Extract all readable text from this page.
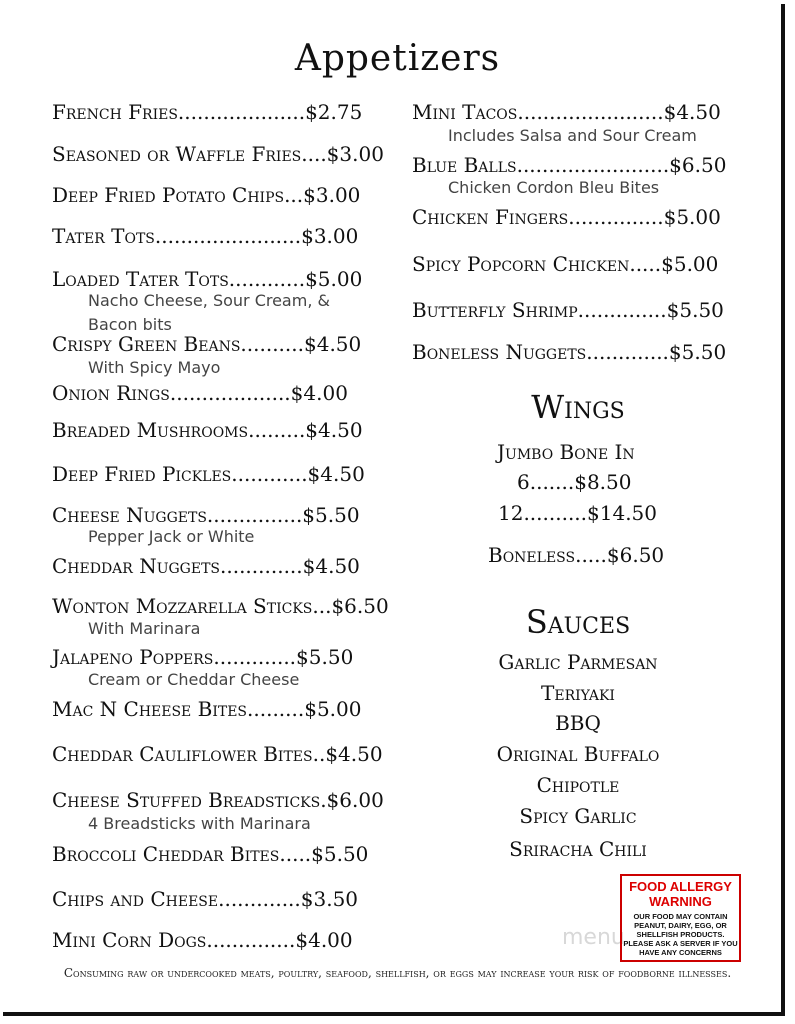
Appetizers
French Fries....................$2.75
Seasoned or Waffle Fries....$3.00
Deep Fried Potato Chips...$3.00
Tater Tots.......................$3.00
Loaded Tater Tots............$5.00
Nacho Cheese, Sour Cream, &
Bacon bits
Crispy Green Beans..........$4.50
With Spicy Mayo
Onion Rings...................$4.00
Breaded Mushrooms.........$4.50
Deep Fried Pickles............$4.50
Cheese Nuggets...............$5.50
Pepper Jack or White
Cheddar Nuggets.............$4.50
Wonton Mozzarella Sticks...$6.50
With Marinara
Jalapeno Poppers.............$5.50
Cream or Cheddar Cheese
Mac N Cheese Bites.........$5.00
Cheddar Cauliflower Bites..$4.50
Cheese Stuffed Breadsticks.$6.00
4 Breadsticks with Marinara
Broccoli Cheddar Bites.....$5.50
Chips and Cheese.............$3.50
Mini Corn Dogs..............$4.00
Mini Tacos.......................$4.50
Includes Salsa and Sour Cream
Blue Balls........................$6.50
Chicken Cordon Bleu Bites
Chicken Fingers...............$5.00
Spicy Popcorn Chicken.....$5.00
Butterfly Shrimp..............$5.50
Boneless Nuggets.............$5.50
Wings
Jumbo Bone In
6.......$8.50
12..........$14.50
Boneless.....$6.50
Sauces
Garlic Parmesan
Teriyaki
BBQ
Original Buffalo
Chipotle
Spicy Garlic
Sriracha Chili
menu
FOOD ALLERGY
WARNING
OUR FOOD MAY CONTAIN PEANUT, DAIRY, EGG, OR SHELLFISH PRODUCTS. PLEASE ASK A SERVER IF YOU HAVE ANY CONCERNS
Consuming raw or undercooked meats, poultry, seafood, shellfish, or eggs may increase your risk of foodborne illnesses.
